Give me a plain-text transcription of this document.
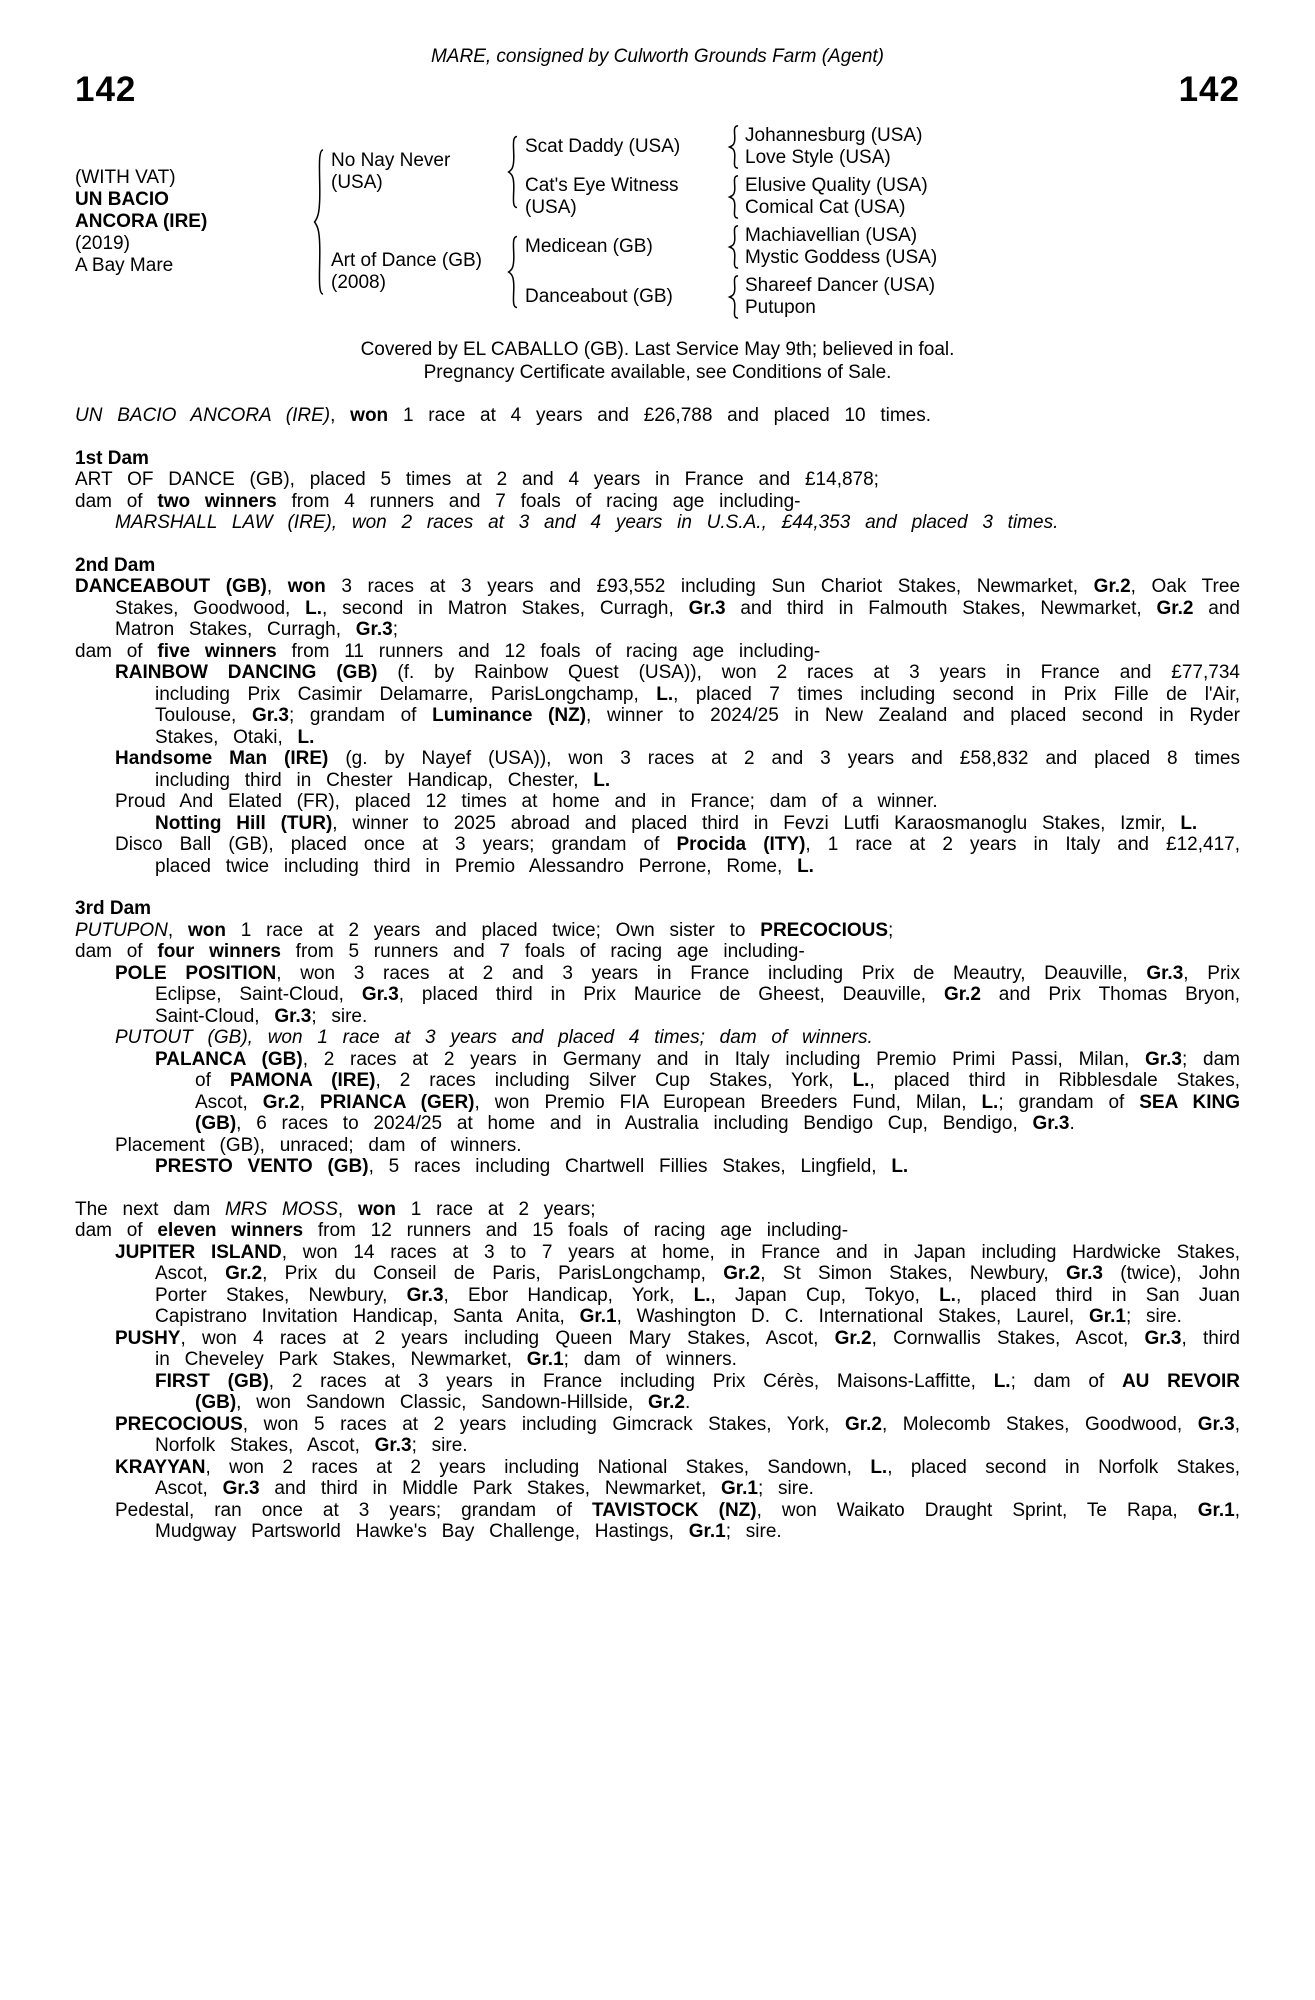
MARE, consigned by Culworth Grounds Farm (Agent)
142	142
(WITH VAT)
UN BACIO
ANCORA (IRE)
(2019)
A Bay Mare
No Nay Never
(USA)
Scat Daddy (USA)
Johannesburg (USA)
Love Style (USA)
Cat's Eye Witness
(USA)
Elusive Quality (USA)
Comical Cat (USA)
Art of Dance (GB)
(2008)
Medicean (GB)
Machiavellian (USA)
Mystic Goddess (USA)
Danceabout (GB)
Shareef Dancer (USA)
Putupon
Covered by EL CABALLO (GB). Last Service May 9th; believed in foal.
Pregnancy Certificate available, see Conditions of Sale.
UN BACIO ANCORA (IRE), won 1 race at 4 years and £26,788 and placed 10 times.
1st Dam
ART OF DANCE (GB), placed 5 times at 2 and 4 years in France and £14,878;
dam of two winners from 4 runners and 7 foals of racing age including-
MARSHALL LAW (IRE), won 2 races at 3 and 4 years in U.S.A., £44,353 and placed 3 times.
2nd Dam
DANCEABOUT (GB), won 3 races at 3 years and £93,552 including Sun Chariot Stakes, Newmarket, Gr.2, Oak Tree Stakes, Goodwood, L., second in Matron Stakes, Curragh, Gr.3 and third in Falmouth Stakes, Newmarket, Gr.2 and Matron Stakes, Curragh, Gr.3;
dam of five winners from 11 runners and 12 foals of racing age including-
RAINBOW DANCING (GB) (f. by Rainbow Quest (USA)), won 2 races at 3 years in France and £77,734 including Prix Casimir Delamarre, ParisLongchamp, L., placed 7 times including second in Prix Fille de l'Air, Toulouse, Gr.3; grandam of Luminance (NZ), winner to 2024/25 in New Zealand and placed second in Ryder Stakes, Otaki, L.
Handsome Man (IRE) (g. by Nayef (USA)), won 3 races at 2 and 3 years and £58,832 and placed 8 times including third in Chester Handicap, Chester, L.
Proud And Elated (FR), placed 12 times at home and in France; dam of a winner.
Notting Hill (TUR), winner to 2025 abroad and placed third in Fevzi Lutfi Karaosmanoglu Stakes, Izmir, L.
Disco Ball (GB), placed once at 3 years; grandam of Procida (ITY), 1 race at 2 years in Italy and £12,417, placed twice including third in Premio Alessandro Perrone, Rome, L.
3rd Dam
PUTUPON, won 1 race at 2 years and placed twice; Own sister to PRECOCIOUS;
dam of four winners from 5 runners and 7 foals of racing age including-
POLE POSITION, won 3 races at 2 and 3 years in France including Prix de Meautry, Deauville, Gr.3, Prix Eclipse, Saint-Cloud, Gr.3, placed third in Prix Maurice de Gheest, Deauville, Gr.2 and Prix Thomas Bryon, Saint-Cloud, Gr.3; sire.
PUTOUT (GB), won 1 race at 3 years and placed 4 times; dam of winners.
PALANCA (GB), 2 races at 2 years in Germany and in Italy including Premio Primi Passi, Milan, Gr.3; dam of PAMONA (IRE), 2 races including Silver Cup Stakes, York, L., placed third in Ribblesdale Stakes, Ascot, Gr.2, PRIANCA (GER), won Premio FIA European Breeders Fund, Milan, L.; grandam of SEA KING (GB), 6 races to 2024/25 at home and in Australia including Bendigo Cup, Bendigo, Gr.3.
Placement (GB), unraced; dam of winners.
PRESTO VENTO (GB), 5 races including Chartwell Fillies Stakes, Lingfield, L.
The next dam MRS MOSS, won 1 race at 2 years;
dam of eleven winners from 12 runners and 15 foals of racing age including-
JUPITER ISLAND, won 14 races at 3 to 7 years at home, in France and in Japan including Hardwicke Stakes, Ascot, Gr.2, Prix du Conseil de Paris, ParisLongchamp, Gr.2, St Simon Stakes, Newbury, Gr.3 (twice), John Porter Stakes, Newbury, Gr.3, Ebor Handicap, York, L., Japan Cup, Tokyo, L., placed third in San Juan Capistrano Invitation Handicap, Santa Anita, Gr.1, Washington D. C. International Stakes, Laurel, Gr.1; sire.
PUSHY, won 4 races at 2 years including Queen Mary Stakes, Ascot, Gr.2, Cornwallis Stakes, Ascot, Gr.3, third in Cheveley Park Stakes, Newmarket, Gr.1; dam of winners.
FIRST (GB), 2 races at 3 years in France including Prix Cérès, Maisons-Laffitte, L.; dam of AU REVOIR (GB), won Sandown Classic, Sandown-Hillside, Gr.2.
PRECOCIOUS, won 5 races at 2 years including Gimcrack Stakes, York, Gr.2, Molecomb Stakes, Goodwood, Gr.3, Norfolk Stakes, Ascot, Gr.3; sire.
KRAYYAN, won 2 races at 2 years including National Stakes, Sandown, L., placed second in Norfolk Stakes, Ascot, Gr.3 and third in Middle Park Stakes, Newmarket, Gr.1; sire.
Pedestal, ran once at 3 years; grandam of TAVISTOCK (NZ), won Waikato Draught Sprint, Te Rapa, Gr.1, Mudgway Partsworld Hawke's Bay Challenge, Hastings, Gr.1; sire.
